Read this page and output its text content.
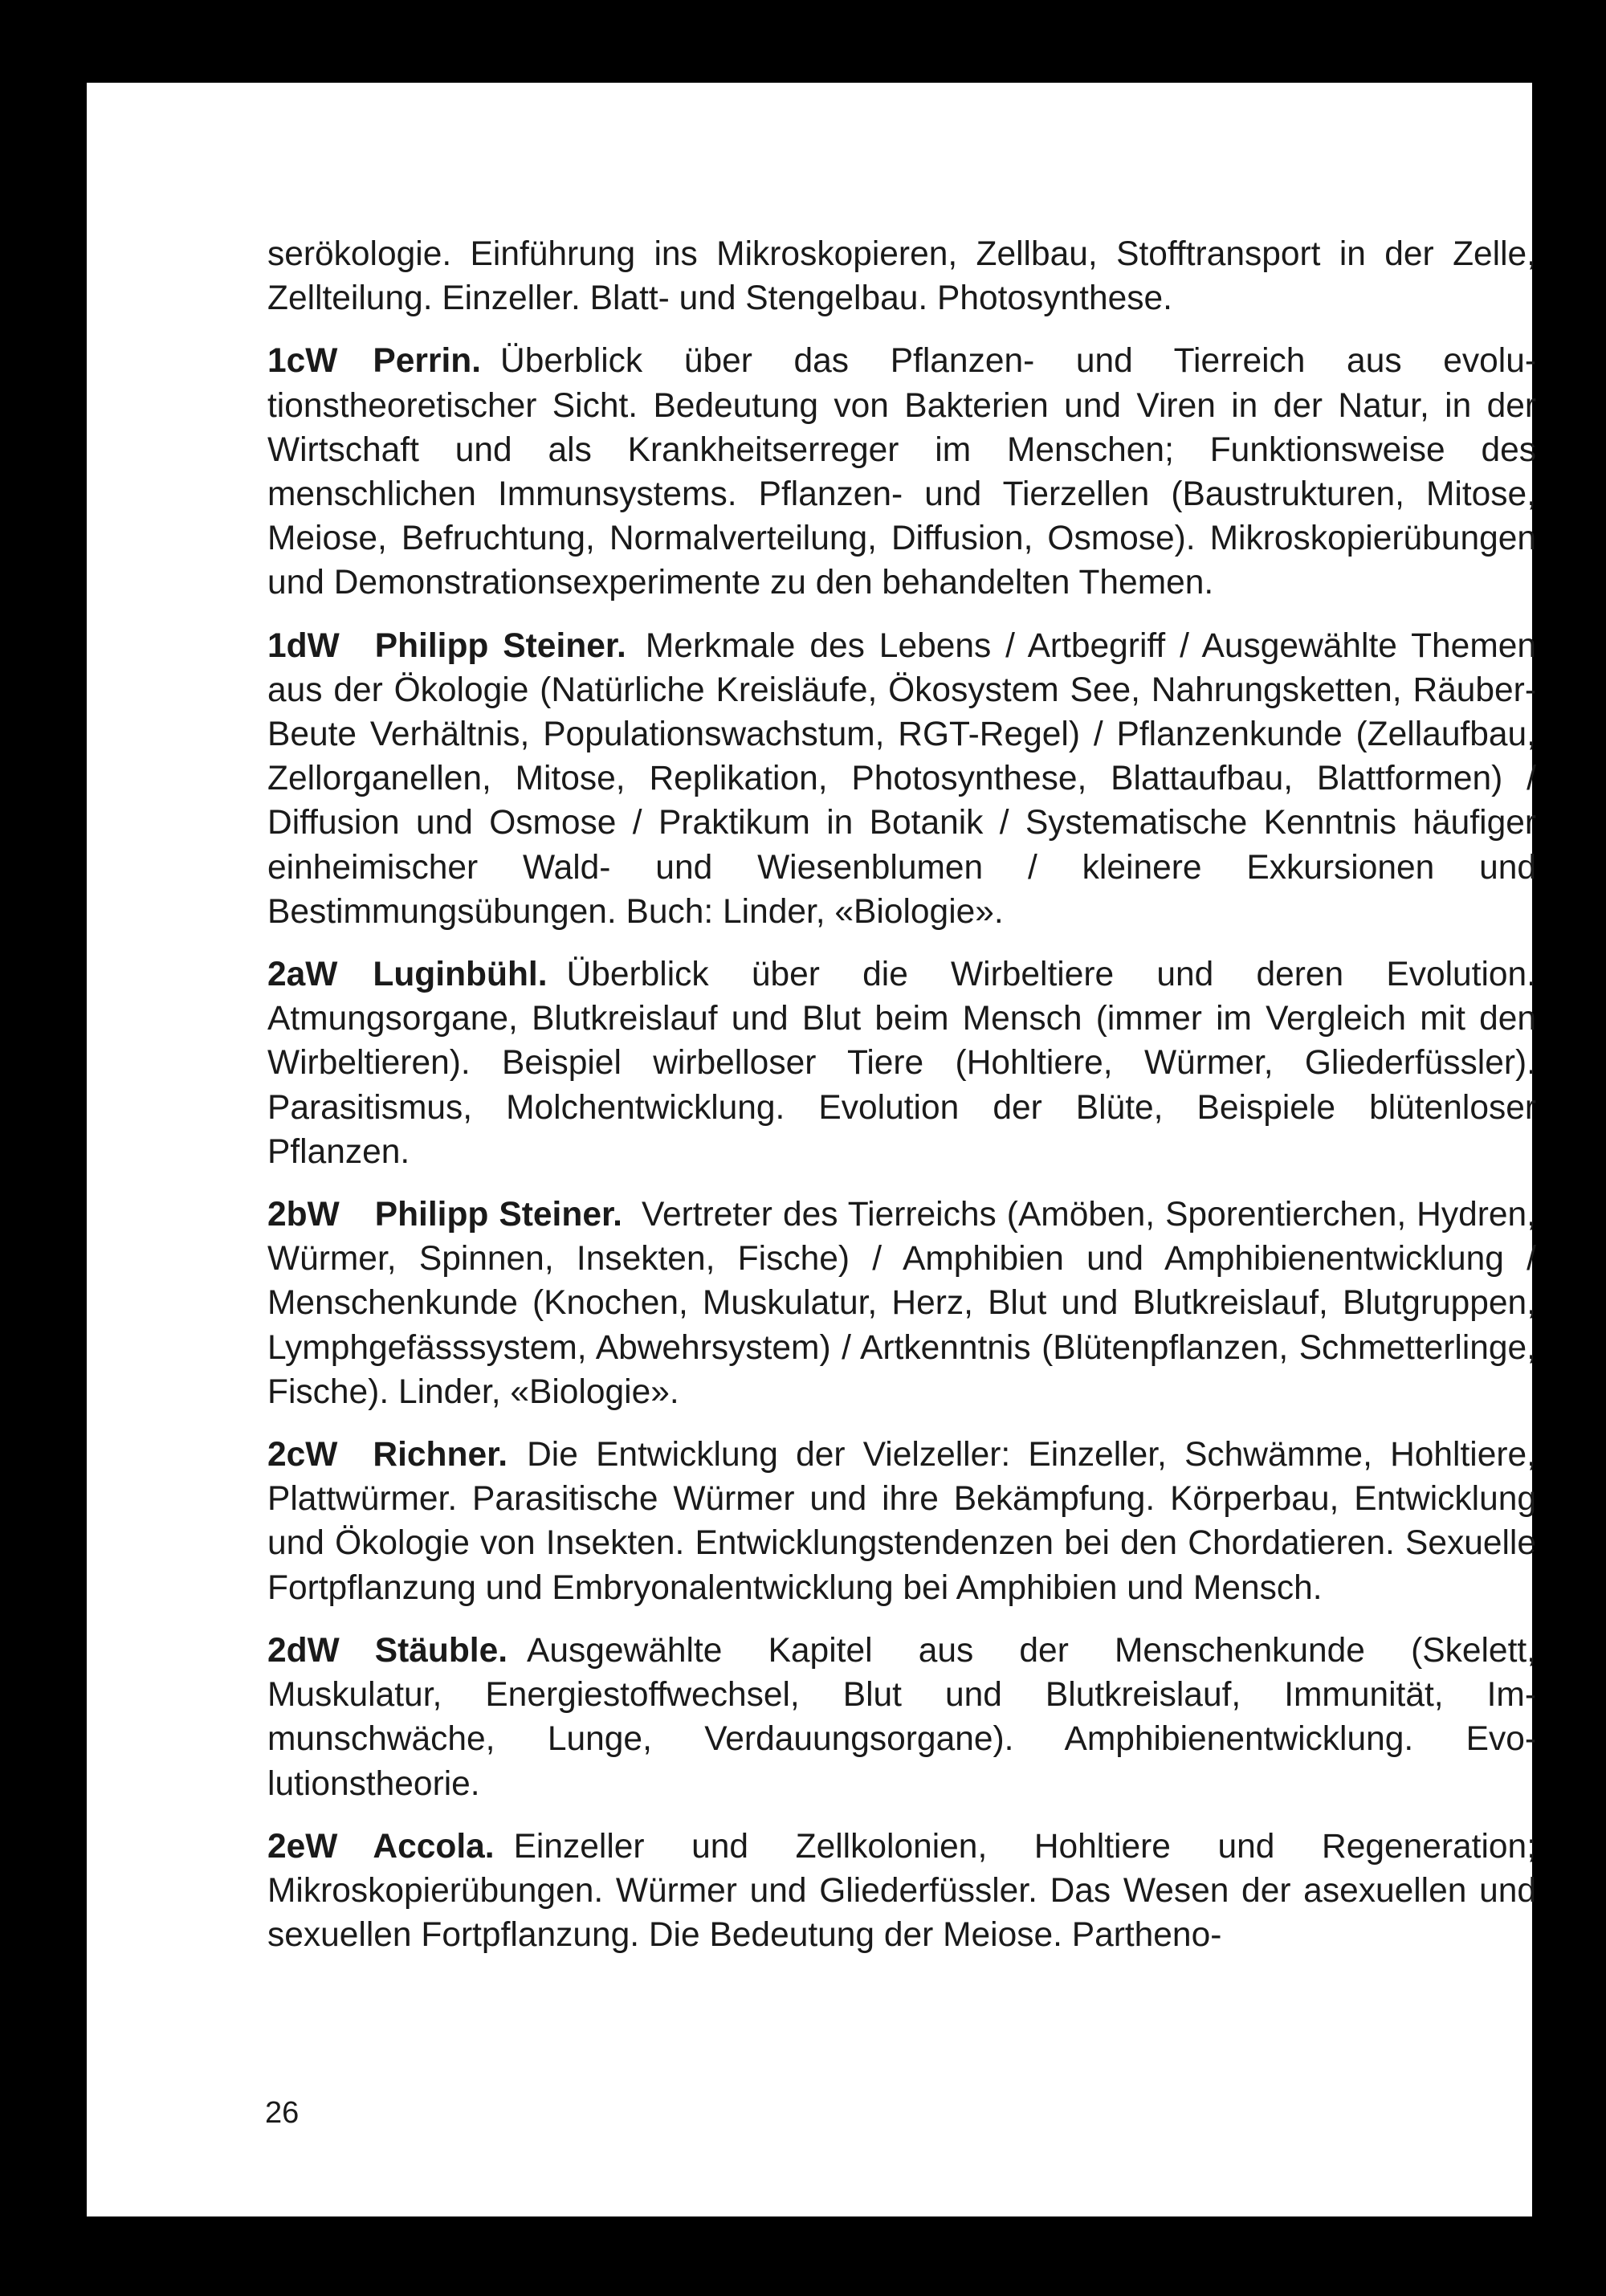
serökologie. Einführung ins Mikroskopieren, Zellbau, Stofftransport in der Zelle, Zellteilung. Einzeller. Blatt- und Stengelbau. Photosynthese.

1cW Perrin. Überblick über das Pflanzen- und Tierreich aus evolutionstheoretischer Sicht. Bedeutung von Bakterien und Viren in der Natur, in der Wirtschaft und als Krankheitserreger im Menschen; Funktionsweise des menschlichen Immunsystems. Pflanzen- und Tierzellen (Baustrukturen, Mitose, Meiose, Befruchtung, Normalverteilung, Diffusion, Osmose). Mikroskopierübungen und Demonstrationsexperimente zu den behandelten Themen.

1dW Philipp Steiner. Merkmale des Lebens / Artbegriff / Ausgewählte Themen aus der Ökologie (Natürliche Kreisläufe, Ökosystem See, Nahrungsketten, Räuber-Beute Verhältnis, Populationswachstum, RGT-Regel) / Pflanzenkunde (Zellaufbau, Zellorganellen, Mitose, Replikation, Photosynthese, Blattaufbau, Blattformen) / Diffusion und Osmose / Praktikum in Botanik / Systematische Kenntnis häufiger einheimischer Wald- und Wiesenblumen / kleinere Exkursionen und Bestimmungsübungen. Buch: Linder, «Biologie».

2aW Luginbühl. Überblick über die Wirbeltiere und deren Evolution. Atmungsorgane, Blutkreislauf und Blut beim Mensch (immer im Vergleich mit den Wirbeltieren). Beispiel wirbelloser Tiere (Hohltiere, Würmer, Gliederfüssler). Parasitismus, Molchentwicklung. Evolution der Blüte, Beispiele blütenloser Pflanzen.

2bW Philipp Steiner. Vertreter des Tierreichs (Amöben, Sporentierchen, Hydren, Würmer, Spinnen, Insekten, Fische) / Amphibien und Amphibienentwicklung / Menschenkunde (Knochen, Muskulatur, Herz, Blut und Blutkreislauf, Blutgruppen, Lymphgefässsystem, Abwehrsystem) / Artkenntnis (Blütenpflanzen, Schmetterlinge, Fische). Linder, «Biologie».

2cW Richner. Die Entwicklung der Vielzeller: Einzeller, Schwämme, Hohltiere, Plattwürmer. Parasitische Würmer und ihre Bekämpfung. Körperbau, Entwicklung und Ökologie von Insekten. Entwicklungstendenzen bei den Chordatieren. Sexuelle Fortpflanzung und Embryonalentwicklung bei Amphibien und Mensch.

2dW Stäuble. Ausgewählte Kapitel aus der Menschenkunde (Skelett, Muskulatur, Energiestoffwechsel, Blut und Blutkreislauf, Immunität, Immunschwäche, Lunge, Verdauungsorgane). Amphibienentwicklung. Evolutionstheorie.

2eW Accola. Einzeller und Zellkolonien, Hohltiere und Regeneration; Mikroskopierübungen. Würmer und Gliederfüssler. Das Wesen der asexuellen und sexuellen Fortpflanzung. Die Bedeutung der Meiose. Partheno-

26
